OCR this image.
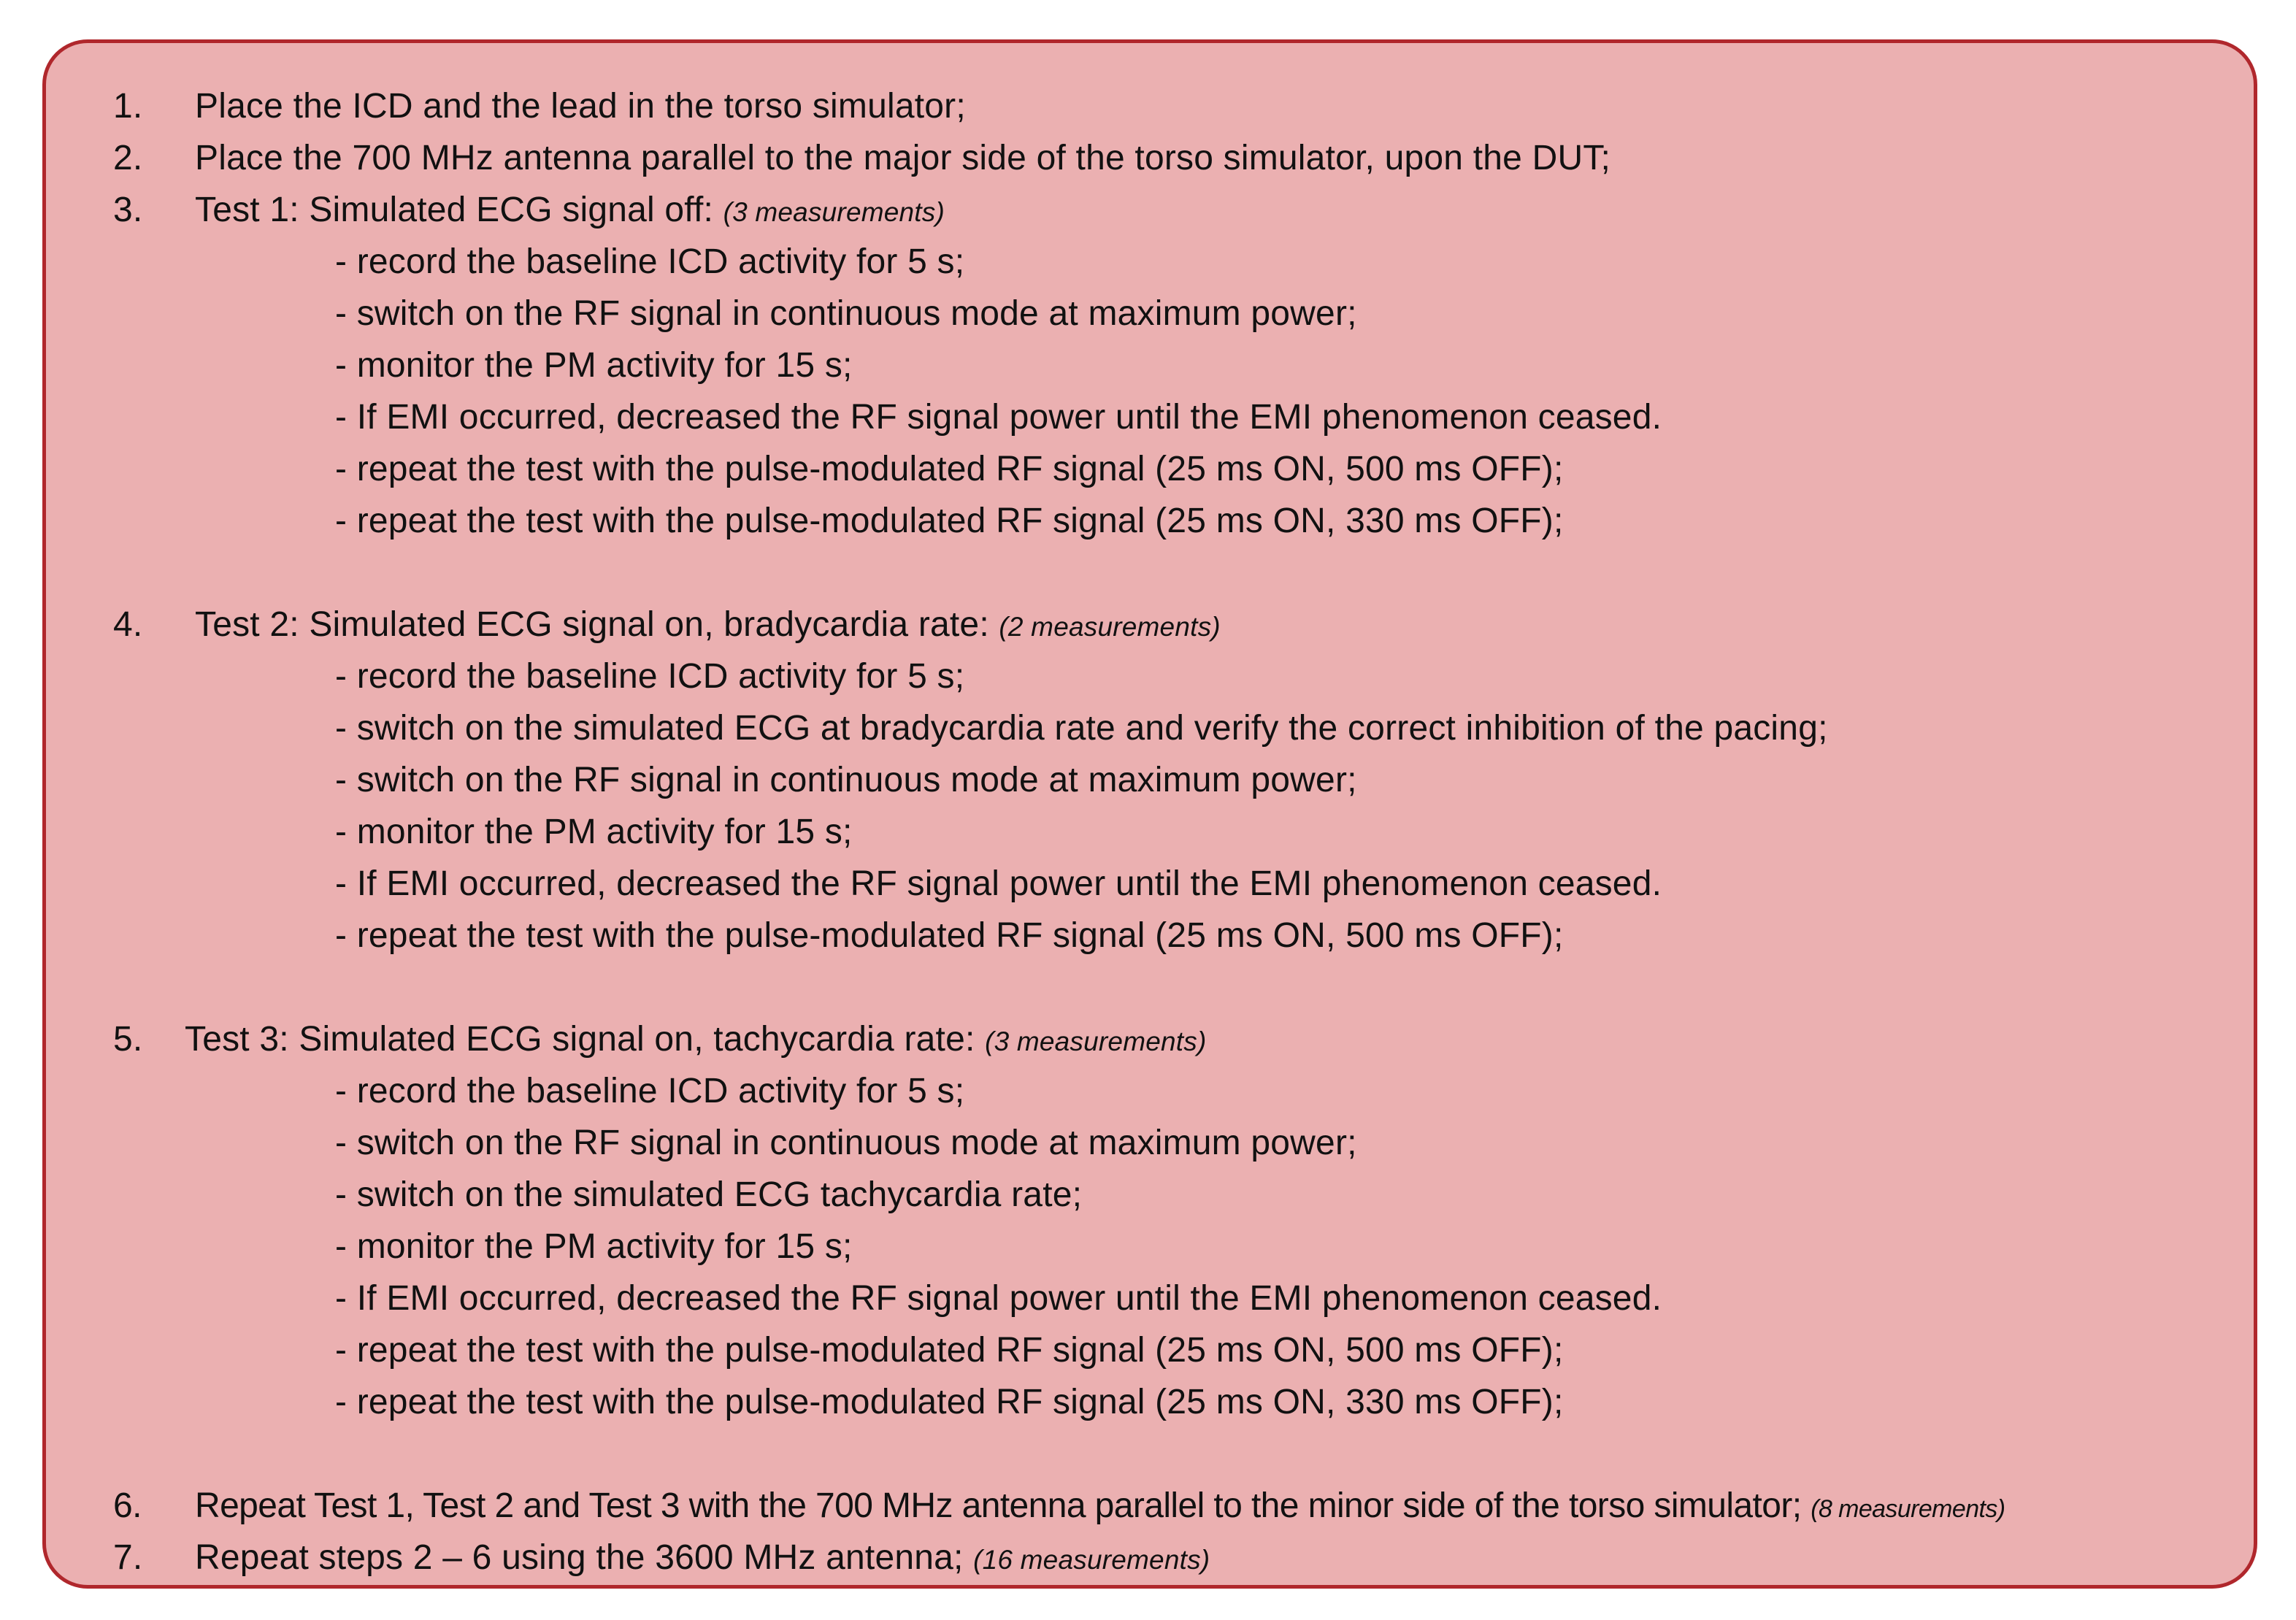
1. Place the ICD and the lead in the torso simulator;
2. Place the 700 MHz antenna parallel to the major side of the torso simulator, upon the DUT;
3. Test 1: Simulated ECG signal off: (3 measurements)
- record the baseline ICD activity for 5 s;
- switch on the RF signal in continuous mode at maximum power;
- monitor the PM activity for 15 s;
- If EMI occurred, decreased the RF signal power until the EMI phenomenon ceased.
- repeat the test with the pulse-modulated RF signal (25 ms ON, 500 ms OFF);
- repeat the test with the pulse-modulated RF signal (25 ms ON, 330 ms OFF);
4. Test 2: Simulated ECG signal on, bradycardia rate: (2 measurements)
- record the baseline ICD activity for 5 s;
- switch on the simulated ECG at bradycardia rate and verify the correct inhibition of the pacing;
- switch on the RF signal in continuous mode at maximum power;
- monitor the PM activity for 15 s;
- If EMI occurred, decreased the RF signal power until the EMI phenomenon ceased.
- repeat the test with the pulse-modulated RF signal (25 ms ON, 500 ms OFF);
5. Test 3: Simulated ECG signal on, tachycardia rate: (3 measurements)
- record the baseline ICD activity for 5 s;
- switch on the RF signal in continuous mode at maximum power;
- switch on the simulated ECG tachycardia rate;
- monitor the PM activity for 15 s;
- If EMI occurred, decreased the RF signal power until the EMI phenomenon ceased.
- repeat the test with the pulse-modulated RF signal (25 ms ON, 500 ms OFF);
- repeat the test with the pulse-modulated RF signal (25 ms ON, 330 ms OFF);
6. Repeat Test 1, Test 2 and Test 3 with the 700 MHz antenna parallel to the minor side of the torso simulator; (8 measurements)
7. Repeat steps 2 – 6 using the 3600 MHz antenna; (16 measurements)
